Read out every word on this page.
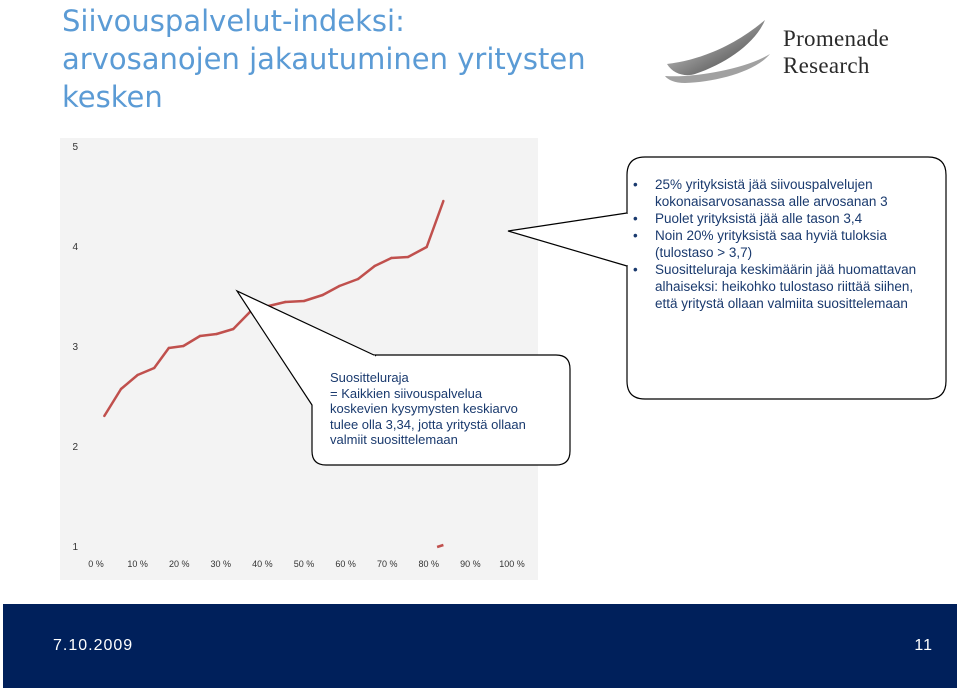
Siivouspalvelut-indeksi:
arvosanojen jakautuminen yritysten
kesken
Promenade
Research
1
2
3
4
5
0 %	10 % 20 % 30 % 40 % 50 % 60 % 70 % 80 % 90 % 100 %
Suositteluraja
= Kaikkien siivouspalvelua
koskevien kysymysten keskiarvo
tulee olla 3,34, jotta yritystä ollaan
valmiit suosittelemaan
• 25% yrityksistä jää siivouspalvelujen kokonaisarvosanassa alle arvosanan 3
• Puolet yrityksistä jää alle tason 3,4
• Noin 20% yrityksistä saa hyviä tuloksia (tulostaso > 3,7)
• Suositteluraja keskimäärin jää huomattavan alhaiseksi: heikohko tulostaso riittää siihen, että yritystä ollaan valmiita suosittelemaan
7.10.2009	11
